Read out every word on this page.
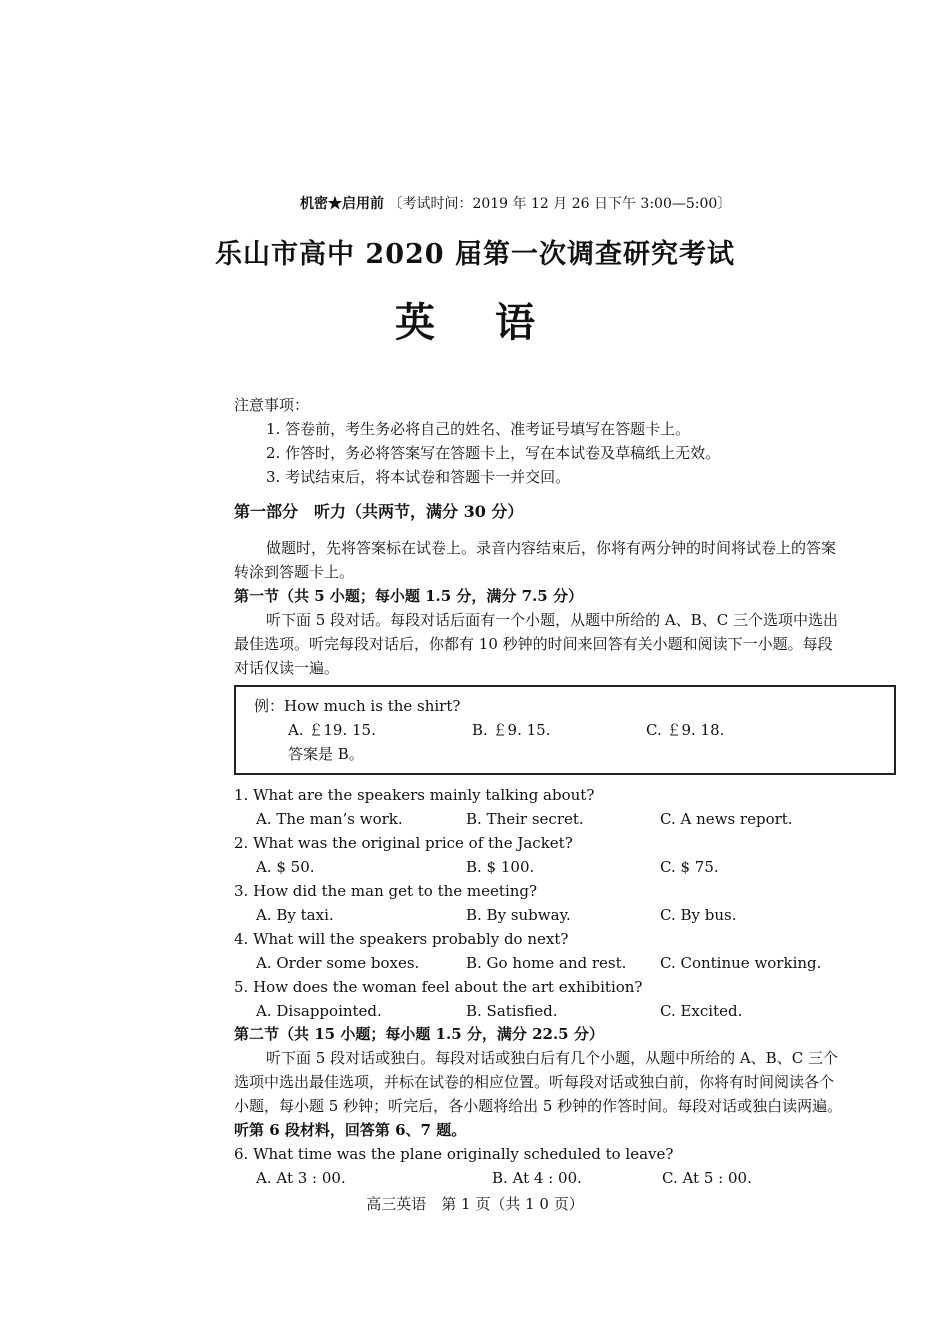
机密★启用前 〔考试时间：2019 年 12 月 26 日下午 3:00—5:00〕
乐山市高中 2020 届第一次调查研究考试
英语
注意事项：
1. 答卷前，考生务必将自己的姓名、准考证号填写在答题卡上。
2. 作答时，务必将答案写在答题卡上，写在本试卷及草稿纸上无效。
3. 考试结束后，将本试卷和答题卡一并交回。
第一部分　听力（共两节，满分 30 分）
做题时，先将答案标在试卷上。录音内容结束后，你将有两分钟的时间将试卷上的答案
转涂到答题卡上。
第一节（共 5 小题；每小题 1.5 分，满分 7.5 分）
听下面 5 段对话。每段对话后面有一个小题，从题中所给的 A、B、C 三个选项中选出
最佳选项。听完每段对话后，你都有 10 秒钟的时间来回答有关小题和阅读下一小题。每段
对话仅读一遍。
例：How much is the shirt?
A. ￡19. 15.	B. ￡9. 15.	C. ￡9. 18.
答案是 B。
1. What are the speakers mainly talking about?
A. The man’s work.	B. Their secret.	C. A news report.
2. What was the original price of the Jacket?
A. $ 50.	B. $ 100.	C. $ 75.
3. How did the man get to the meeting?
A. By taxi.	B. By subway.	C. By bus.
4. What will the speakers probably do next?
A. Order some boxes.	B. Go home and rest. C. Continue working.
5. How does the woman feel about the art exhibition?
A. Disappointed.	B. Satisfied.	C. Excited.
第二节（共 15 小题；每小题 1.5 分，满分 22.5 分）
听下面 5 段对话或独白。每段对话或独白后有几个小题，从题中所给的 A、B、C 三个
选项中选出最佳选项，并标在试卷的相应位置。听每段对话或独白前，你将有时间阅读各个
小题，每小题 5 秒钟；听完后，各小题将给出 5 秒钟的作答时间。每段对话或独白读两遍。
听第 6 段材料，回答第 6、7 题。
6. What time was the plane originally scheduled to leave?
A. At 3 : 00.	B. At 4 : 00.	C. At 5 : 00.
高三英语　第 1 页（共 1 0 页）
